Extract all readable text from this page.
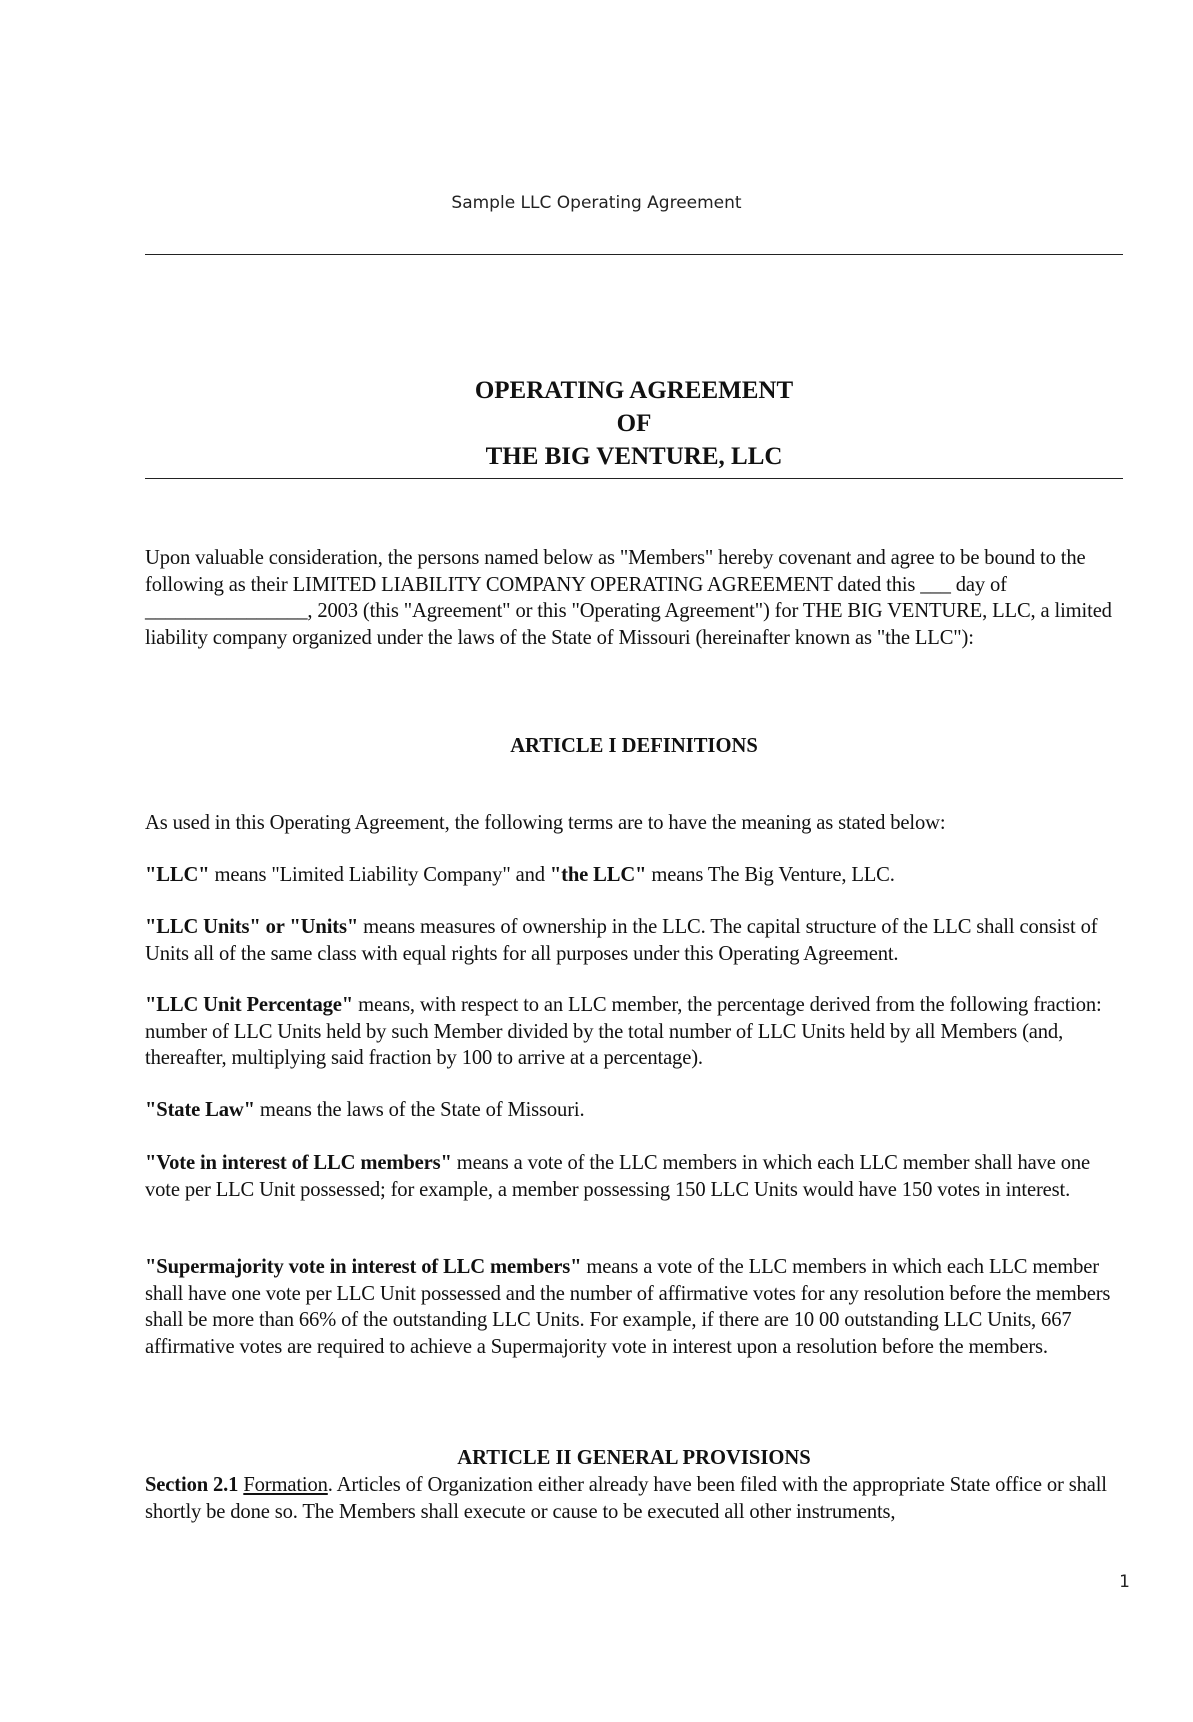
Sample LLC Operating Agreement
OPERATING AGREEMENT
OF
THE BIG VENTURE, LLC

Upon valuable consideration, the persons named below as "Members" hereby covenant and agree to be bound to the following as their LIMITED LIABILITY COMPANY OPERATING AGREEMENT dated this ___ day of ________________, 2003 (this "Agreement" or this "Operating Agreement") for THE BIG VENTURE, LLC, a limited liability company organized under the laws of the State of Missouri (hereinafter known as "the LLC"):

ARTICLE I DEFINITIONS

As used in this Operating Agreement, the following terms are to have the meaning as stated below:

"LLC" means "Limited Liability Company" and "the LLC" means The Big Venture, LLC.

"LLC Units" or "Units" means measures of ownership in the LLC. The capital structure of the LLC shall consist of Units all of the same class with equal rights for all purposes under this Operating Agreement.

"LLC Unit Percentage" means, with respect to an LLC member, the percentage derived from the following fraction: number of LLC Units held by such Member divided by the total number of LLC Units held by all Members (and, thereafter, multiplying said fraction by 100 to arrive at a percentage).

"State Law" means the laws of the State of Missouri.

"Vote in interest of LLC members" means a vote of the LLC members in which each LLC member shall have one vote per LLC Unit possessed; for example, a member possessing 150 LLC Units would have 150 votes in interest.

"Supermajority vote in interest of LLC members" means a vote of the LLC members in which each LLC member shall have one vote per LLC Unit possessed and the number of affirmative votes for any resolution before the members shall be more than 66% of the outstanding LLC Units. For example, if there are 10 00 outstanding LLC Units, 667 affirmative votes are required to achieve a Supermajority vote in interest upon a resolution before the members.

ARTICLE II GENERAL PROVISIONS

Section 2.1 Formation. Articles of Organization either already have been filed with the appropriate State office or shall shortly be done so. The Members shall execute or cause to be executed all other instruments,

1
